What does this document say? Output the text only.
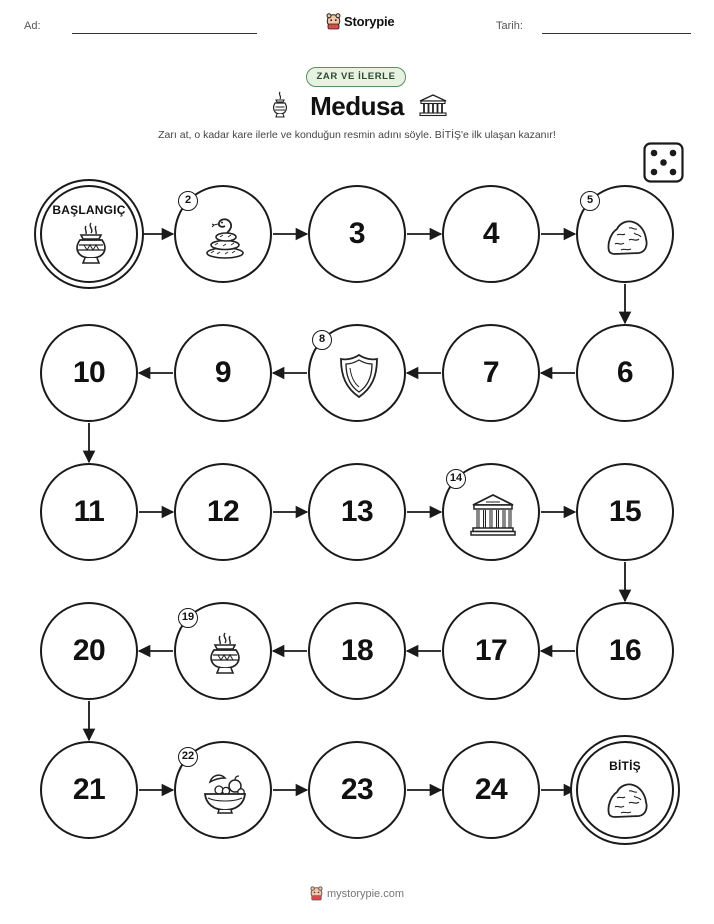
Ad:	Tarih:
Storypie
ZAR VE İLERLE
Medusa
Zarı at, o kadar kare ilerle ve konduğun resmin adını söyle. BİTİŞ'e ilk ulaşan kazanır!
BAŞLANGIÇ
2
3	4
5
6
7
8
9
10
11	12	13
14
15
16
17
18
19
20
21
22
23	24
BİTİŞ
mystorypie.com
